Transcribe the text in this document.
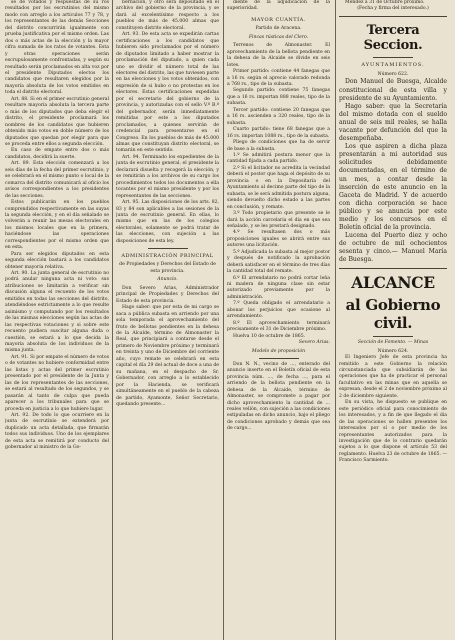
se de votados y respuestas de su ros resultados por los escrutinios del mismo modo con arreglo a los artículos 77 y 78, y los representantes de las demás Secciones del distrito concurrirán igualmente con prueba justificativa por el mismo orden. Las dos o más actas de la elección y la mayor cifra sumada de los ratos de votantes. Esta y otras operaciones serán escrupulosamente confrontadas, y según su resultado serán proclamados en alta voz por el presidente Diputados electos los candidatos que resultaren elegidos por la mayoría absoluta de los votos emitidos en toda el distrito electoral.

Art. 88. Si en el primer escrutinio general resultare mayoría absoluta la tercera parte o más de los diputados que deba elegir el distrito, el presidente proclamará los nombres de los candidatos que hubieren obtenido más votos en doble número de los diputados que quedan por elegir para que se proceda entre ellos a segunda elección.

En caso de empate entre dos o más candidatos, decidirá la suerte.

Art. 89. Esta elección comenzará a los seis días de la fecha del primer escrutinio, y se celebrará en el mismo punto o local de la comarca del distrito comunicará al oficio los avisos correspondientes a los presidentes de las secciones.

Estos publicarán en los pueblos comprendidos respectivamente en las suyas la segunda elección, y en el día señalado se volverán a reunir las mesas electorales en los mismos locales que en la primera, haciéndose las operaciones correspondientes por el mismo orden que en esta.

Para ser elegidos diputados en esta segunda elección bastará a los candidatos obtener mayoría relativa.

Art. 90. La junta general de escrutinio no podrá anular ninguna acta ni voto: sus atribuciones se limitarán a verificar sin discusión alguna el recuento de los votos emitidos en todas las secciones del distrito, atendiéndose estrictamente a lo que resulte asimismo y computando por los resultados de las mismas elecciones según las actas de las respectivas votaciones y si sobre este recuento pudiera suscitar alguna duda o cuestión, se estará a lo que decida la mayoría absoluta de los individuos de la misma junta.

Art. 91. Si por empate el número de votos o de votantes no hubiere conformidad entre las listas y actas del primer escrutinio presentado por el presidente de la Junta y las de los representantes de las secciones, se estará al resultado de los segundos, y se pasarán al tanto de culpa que pueda aparecer a los tribunales para que se proceda en justicia a lo que hubiere lugar.

Art. 92. De todo lo que ocurriere en la junta de escrutinio se extenderá por duplicado un acta detallada, que firmarán todos sus individuos. Uno de los ejemplares de esta acta se remitirá por conducto del gobernador al ministro de la Go-

bernación, y otro será depositado en el archivo del gobierno de la provincia, y se dará al excelentísimo respecto a los pueblos de más de 45.000 almas que constituyen distrito electoral.

Art. 93. De esta acta se expedirán cartas certificaciones a los candidatos que hubieren sido proclamados por el número de diputados limitado a haber mostrar la proclamación del diputado, a quien cada uno se dividir el número total de las electores del distrito, las que tuviesen parte en las elecciones y los votos obtenidos, con expresión de si hubo o no protestas en los electores. Estas certificaciones expedidas por el secretario del gobierno de la provincia, y autorizadas con el sello V.º B.º del gobernador, serán inmediatamente remitidas por este a los diputados proclamados, a quienes servirán de credencial para presentarse en el Congreso. En los pueblos de más de 45.000 almas que constituyan distrito electoral, se tomarán en este sentido.

Art. 94. Terminado los expedientes de la junta de escrutinio general, el presidente la declarará disuelta y recogerá la elección, y se remitirán a los archivos de su cargo los procedimientos todos los documentos a ella tocantes por el mismo presidente y por los representantes de las secciones.

Art. 95. Las disposiciones de los arts. 82, 83 y 84 son aplicables a las sesiones de la junta de escrutinio general. En ellas, lo mismo que en las de los colegios electorales, solamente se podrá tratar de las elecciones, con sujeción a las disposiciones de esta ley.

ADMINISTRACIÓN PRINCIPAL

de Propiedades y Derechos del Estado de esta provincia.

Anuncio.

Don Severo Arias, Administrador principal de Propiedades y Derechos del Estado de esta provincia.

Hago saber: que por esta de mi cargo se saca a pública subasta en arriendo por una sola temporada el aprovechamiento del fruto de bellotas pendientes en la dehesa de la Alcalde, término de Almonaster la Real, que principiará a contarse desde el primero de Noviembre próximo y terminará en treinta y uno de Diciembre del corriente año, cuyo remate se celebrará en esta capital el día 29 del actual de doce a una de su mañana, en el despacho de Sr. Gobernador, con arreglo a lo establecido por la Hacienda, se verificará simultáneamente en el pueblo de la cabeza de partido, Ayamonte, Señor Secretario, quedando presente...

diente de la adjudicación de la superioridad.

MAYOR CUANTÍA.

Partido de Aracena.

Fincas rústicas del Clero.

Terrenos de Almonaster. El aprovechamiento de la bellota pendiente en la dehesa de la Alcaide se divide en seis lotes.

Primer partido: contiene 44 fanegas que a 16 rs. según el aprecio valorado redonda a 768 rs., tipo de la subasta.

Segundo partido: contiene 75 fanegas que a 16 rs. importan 888 reales, tipo de la subasta.

Tercer partido: contiene 20 fanegas que a 16 rs. ascienden a 320 reales, tipo de la subasta.

Cuarto partido: tiene 68 fanegas que a 16 rs. importan 1088 rs., tipo de la subasta.

Pliego de condiciones que ha de servir de base a la subasta.

1.º Se admitirá postura menor que la cantidad fijada a cada partido.

2.º Si el licitador no acredita la vecindad deberá el postor que haga el depósito de su provincia o en la Depositaría del Ayuntamiento al decimo parte del tipo de la subasta, se le será admitida postura alguna, siendo devuelto dicho estado a las partes en conclusión, y remate.

3.º Todo propietario que presente se le dará la acción carcelaria el día en que sea señalado, y se les prestará designado.

4.º Se resultasen dos o más proposiciones iguales se abrirá entre sus autores una licitación.

5.º Adjudicada la subasta al mejor postor y después de notificado la aprobación deberá satisfacer en el término de tres días la cantidad total del remate.

6.º El arrendatario no podrá cortar leña ni madera de ninguna clase sin estar autorizado previamente por la administración.

7.º Queda obligado el arrendatario a abonar los perjuicios que ocasione al arrendamiento.

8.º El aprovechamiento terminará precisamente el 31 de Diciembre próximo.

Huelva 10 de octubre de 1865.

Severo Arias.

Modelo de proposición

Don N. N., vecino de ..., enterado del anuncio inserto en el Boletín oficial de esta provincia núm. ..., de fecha ..., para el arriendo de la bellota pendiente en la dehesa de la Alcaide, término de Almonaster, se compromete a pagar por dicho aprovechamiento la cantidad de ... reales vellón, con sujeción a las condiciones estipuladas en dicho anuncio, bajo el pliego de condiciones aprobado y demás que sea de cargo...

Mendez a 31 de Octubre próximo.

(Fecha y firma del interesado.)

Tercera Seccion.

AYUNTAMIENTOS.

Número 622.

Don Manuel de Buesga, Alcalde constitucional de esta villa y presidente de su Ayuntamiento.

Hago saber: que la Secretaría del mismo dotada con el sueldo anual de seis mil reales, se halla vacante por defunción del que la desempeñaba.

Los que aspiren a dicha plaza presentarán a mi autoridad sus solicitudes debidamente documentadas, en el término de un mes, a contar desde la inserción de este anuncio en la Gaceta de Madrid. Y de acuerdo con dicha corporación se hace público y se anuncia por este medio y los concursos en el Boletín oficial de la provincia.

Lucena del Puerto diez y ocho de octubre de mil ochocientos sesenta y cinco.— Manuel María de Buesga.

ALCANCE
al Gobierno civil.

Sección de Fomento. — Minas

Número 624.

El Ingeniero Jefe de esta provincia ha remitido a este Gobierno la relación circunstanciada que subsidiarán de las operaciones que ha de practicar el personal facultativo en las minas que en aquella se expresan, desde el 2 de noviembre próximo al 2 de diciembre siguiente.

En su vista, he dispuesto se publique en este periódico oficial para conocimiento de los interesados, y a fin de que llegado el día de las operaciones se hallen presentes los interesados por sí o por medio de los representantes autorizados para la investigación que de lo contrario quedarán sujetos a lo que dispone el artículo 53 del reglamento. Huelva 23 de octubre de 1865. — Francisco Sarmiento.
